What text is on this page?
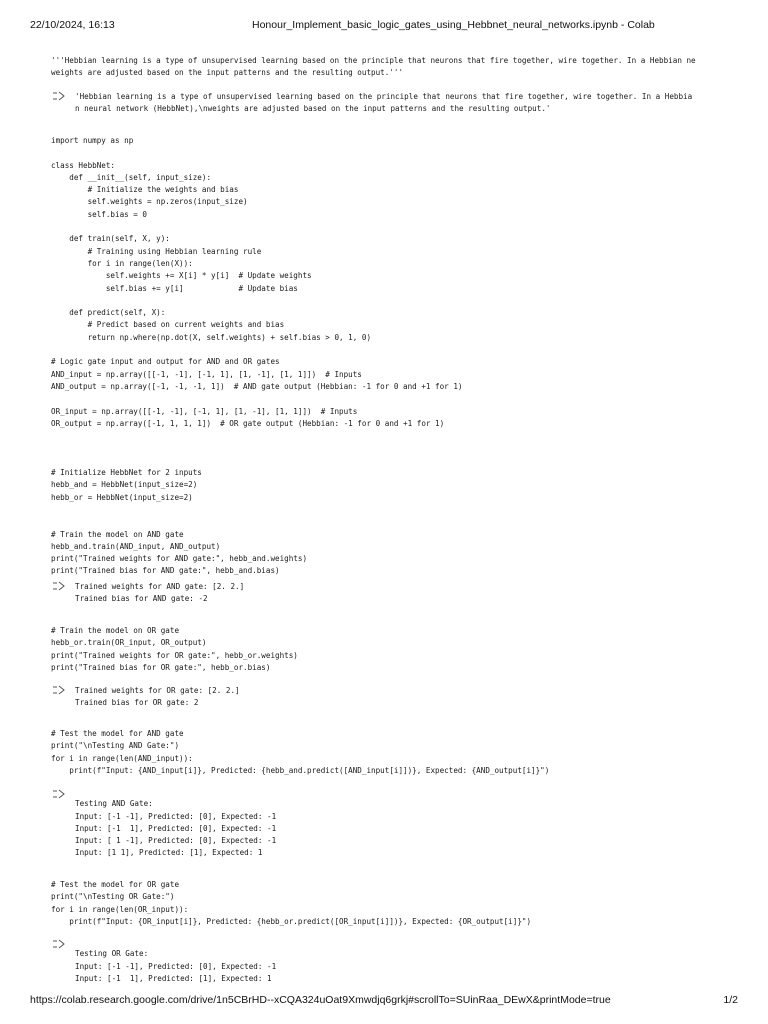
22/10/2024, 16:13	Honour_Implement_basic_logic_gates_using_Hebbnet_neural_networks.ipynb - Colab
'''Hebbian learning is a type of unsupervised learning based on the principle that neurons that fire together, wire together. In a Hebbian ne
weights are adjusted based on the input patterns and the resulting output.'''
'Hebbian learning is a type of unsupervised learning based on the principle that neurons that fire together, wire together. In a Hebbia
n neural network (HebbNet),\nweights are adjusted based on the input patterns and the resulting output.'
import numpy as np

class HebbNet:
def __init__(self, input_size):
# Initialize the weights and bias
self.weights = np.zeros(input_size)
self.bias = 0

def train(self, X, y):
# Training using Hebbian learning rule
for i in range(len(X)):
self.weights += X[i] * y[i]  # Update weights
self.bias += y[i]            # Update bias

def predict(self, X):
# Predict based on current weights and bias
return np.where(np.dot(X, self.weights) + self.bias > 0, 1, 0)

# Logic gate input and output for AND and OR gates
AND_input = np.array([[-1, -1], [-1, 1], [1, -1], [1, 1]])  # Inputs
AND_output = np.array([-1, -1, -1, 1])  # AND gate output (Hebbian: -1 for 0 and +1 for 1)

OR_input = np.array([[-1, -1], [-1, 1], [1, -1], [1, 1]])  # Inputs
OR_output = np.array([-1, 1, 1, 1])  # OR gate output (Hebbian: -1 for 0 and +1 for 1)

# Initialize HebbNet for 2 inputs
hebb_and = HebbNet(input_size=2)
hebb_or = HebbNet(input_size=2)

# Train the model on AND gate
hebb_and.train(AND_input, AND_output)
print("Trained weights for AND gate:", hebb_and.weights)
print("Trained bias for AND gate:", hebb_and.bias)
Trained weights for AND gate: [2. 2.]
Trained bias for AND gate: -2
# Train the model on OR gate
hebb_or.train(OR_input, OR_output)
print("Trained weights for OR gate:", hebb_or.weights)
print("Trained bias for OR gate:", hebb_or.bias)
Trained weights for OR gate: [2. 2.]
Trained bias for OR gate: 2
# Test the model for AND gate
print("\nTesting AND Gate:")
for i in range(len(AND_input)):
print(f"Input: {AND_input[i]}, Predicted: {hebb_and.predict([AND_input[i]])}, Expected: {AND_output[i]}")

Testing AND Gate:
Input: [-1 -1], Predicted: [0], Expected: -1
Input: [-1  1], Predicted: [0], Expected: -1
Input: [ 1 -1], Predicted: [0], Expected: -1
Input: [1 1], Predicted: [1], Expected: 1
# Test the model for OR gate
print("\nTesting OR Gate:")
for i in range(len(OR_input)):
print(f"Input: {OR_input[i]}, Predicted: {hebb_or.predict([OR_input[i]])}, Expected: {OR_output[i]}")

Testing OR Gate:
Input: [-1 -1], Predicted: [0], Expected: -1
Input: [-1  1], Predicted: [1], Expected: 1
https://colab.research.google.com/drive/1n5CBrHD--xCQA324uOat9Xmwdjq6grkj#scrollTo=SUinRaa_DEwX&printMode=true	1/2
